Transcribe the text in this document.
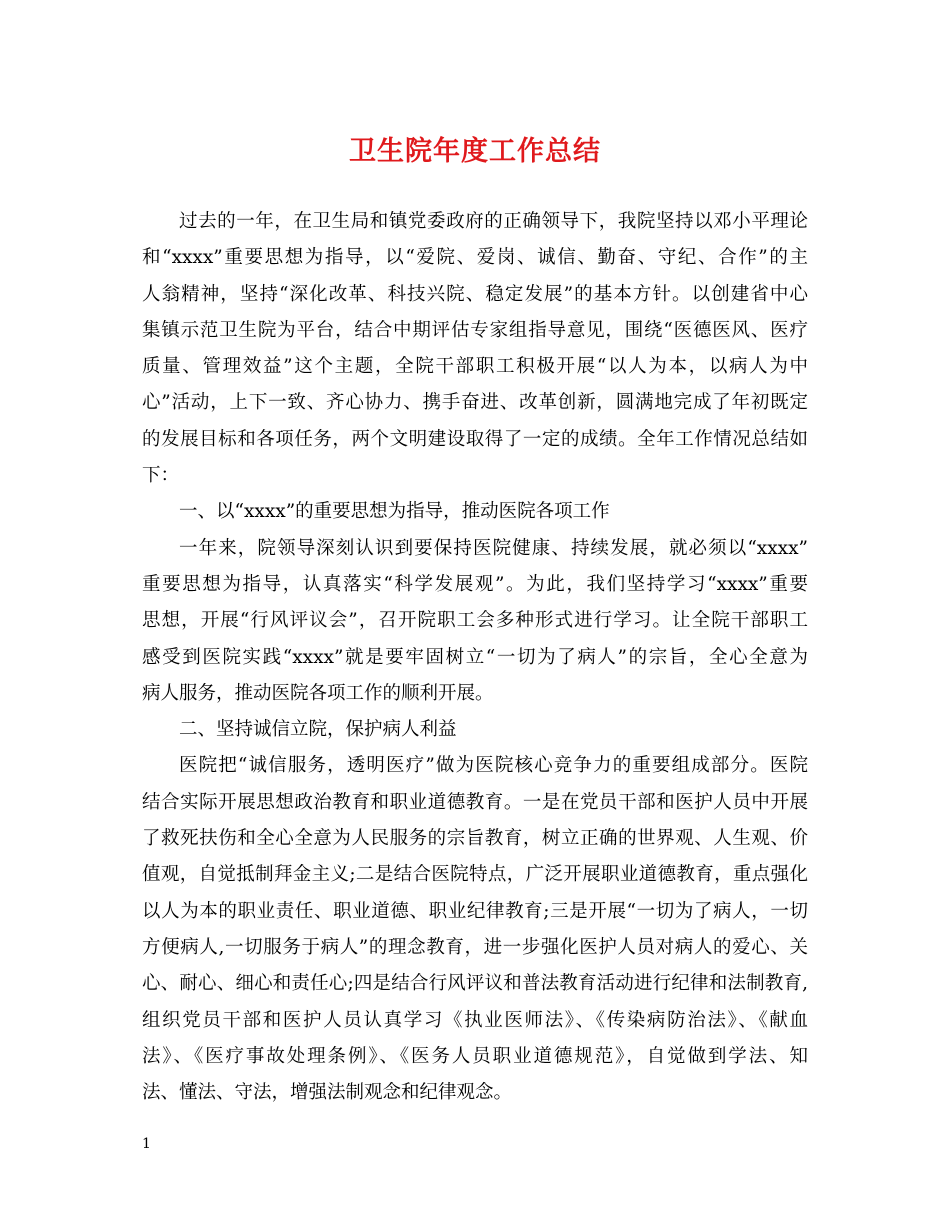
卫生院年度工作总结
过去的一年，在卫生局和镇党委政府的正确领导下，我院坚持以邓小平理论
和“xxxx”重要思想为指导，以“爱院、爱岗、诚信、勤奋、守纪、合作”的主
人翁精神，坚持“深化改革、科技兴院、稳定发展”的基本方针。以创建省中心
集镇示范卫生院为平台，结合中期评估专家组指导意见，围绕“医德医风、医疗
质量、管理效益”这个主题，全院干部职工积极开展“以人为本，以病人为中
心”活动，上下一致、齐心协力、携手奋进、改革创新，圆满地完成了年初既定
的发展目标和各项任务，两个文明建设取得了一定的成绩。全年工作情况总结如
下：
一、以“xxxx”的重要思想为指导，推动医院各项工作
一年来，院领导深刻认识到要保持医院健康、持续发展，就必须以“xxxx”
重要思想为指导，认真落实“科学发展观”。为此，我们坚持学习“xxxx”重要
思想，开展“行风评议会”，召开院职工会多种形式进行学习。让全院干部职工
感受到医院实践“xxxx”就是要牢固树立“一切为了病人”的宗旨，全心全意为
病人服务，推动医院各项工作的顺利开展。
二、坚持诚信立院，保护病人利益
医院把“诚信服务，透明医疗”做为医院核心竞争力的重要组成部分。医院
结合实际开展思想政治教育和职业道德教育。一是在党员干部和医护人员中开展
了救死扶伤和全心全意为人民服务的宗旨教育，树立正确的世界观、人生观、价
值观，自觉抵制拜金主义;二是结合医院特点，广泛开展职业道德教育，重点强化
以人为本的职业责任、职业道德、职业纪律教育;三是开展“一切为了病人，一切
方便病人,一切服务于病人”的理念教育，进一步强化医护人员对病人的爱心、关
心、耐心、细心和责任心;四是结合行风评议和普法教育活动进行纪律和法制教育,
组织党员干部和医护人员认真学习《执业医师法》、《传染病防治法》、《献血
法》、《医疗事故处理条例》、《医务人员职业道德规范》，自觉做到学法、知
法、懂法、守法，增强法制观念和纪律观念。
1
